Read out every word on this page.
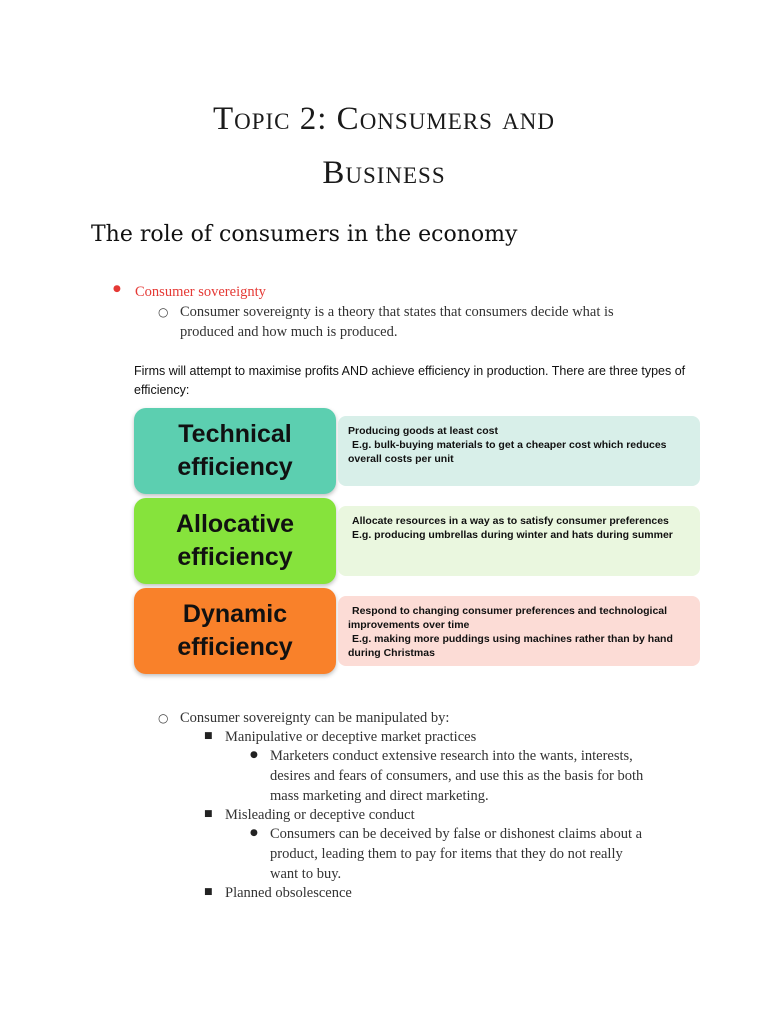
Topic 2: Consumers and
Business
The role of consumers in the economy
● Consumer sovereignty
○ Consumer sovereignty is a theory that states that consumers decide what is
produced and how much is produced.
Firms will attempt to maximise profits AND achieve efficiency in production. There are three types of
efficiency:
Technical
efficiency
Producing goods at least cost
E.g. bulk-buying materials to get a cheaper cost which reduces
overall costs per unit
Allocative
efficiency
Allocate resources in a way as to satisfy consumer preferences
E.g. producing umbrellas during winter and hats during summer
Dynamic
efficiency
Respond to changing consumer preferences and technological
improvements over time
E.g. making more puddings using machines rather than by hand
during Christmas
○ Consumer sovereignty can be manipulated by:
■ Manipulative or deceptive market practices
● Marketers conduct extensive research into the wants, interests,
desires and fears of consumers, and use this as the basis for both
mass marketing and direct marketing.
■ Misleading or deceptive conduct
● Consumers can be deceived by false or dishonest claims about a
product, leading them to pay for items that they do not really
want to buy.
■ Planned obsolescence
